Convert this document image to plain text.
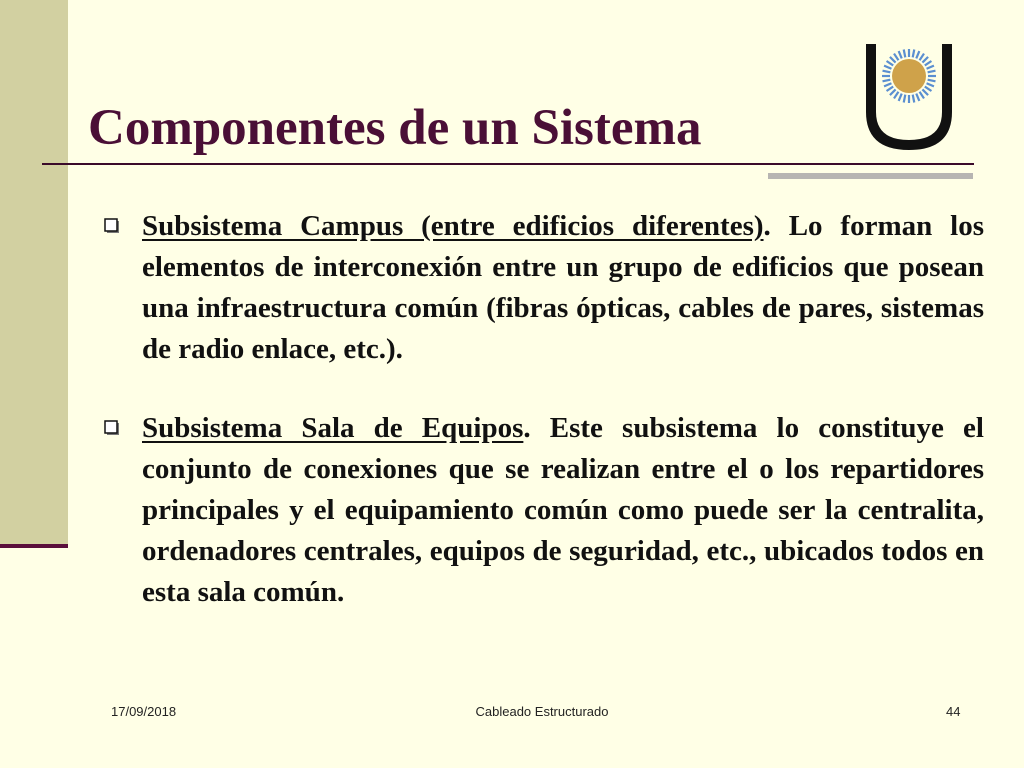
Componentes de un Sistema

Subsistema Campus (entre edificios diferentes). Lo forman los elementos de interconexión entre un grupo de edificios que posean una infraestructura común (fibras ópticas, cables de pares, sistemas de radio enlace, etc.).

Subsistema Sala de Equipos. Este subsistema lo constituye el conjunto de conexiones que se realizan entre el o los repartidores principales y el equipamiento común como puede ser la centralita, ordenadores centrales, equipos de seguridad, etc., ubicados todos en esta sala común.

17/09/2018	Cableado Estructurado	44
